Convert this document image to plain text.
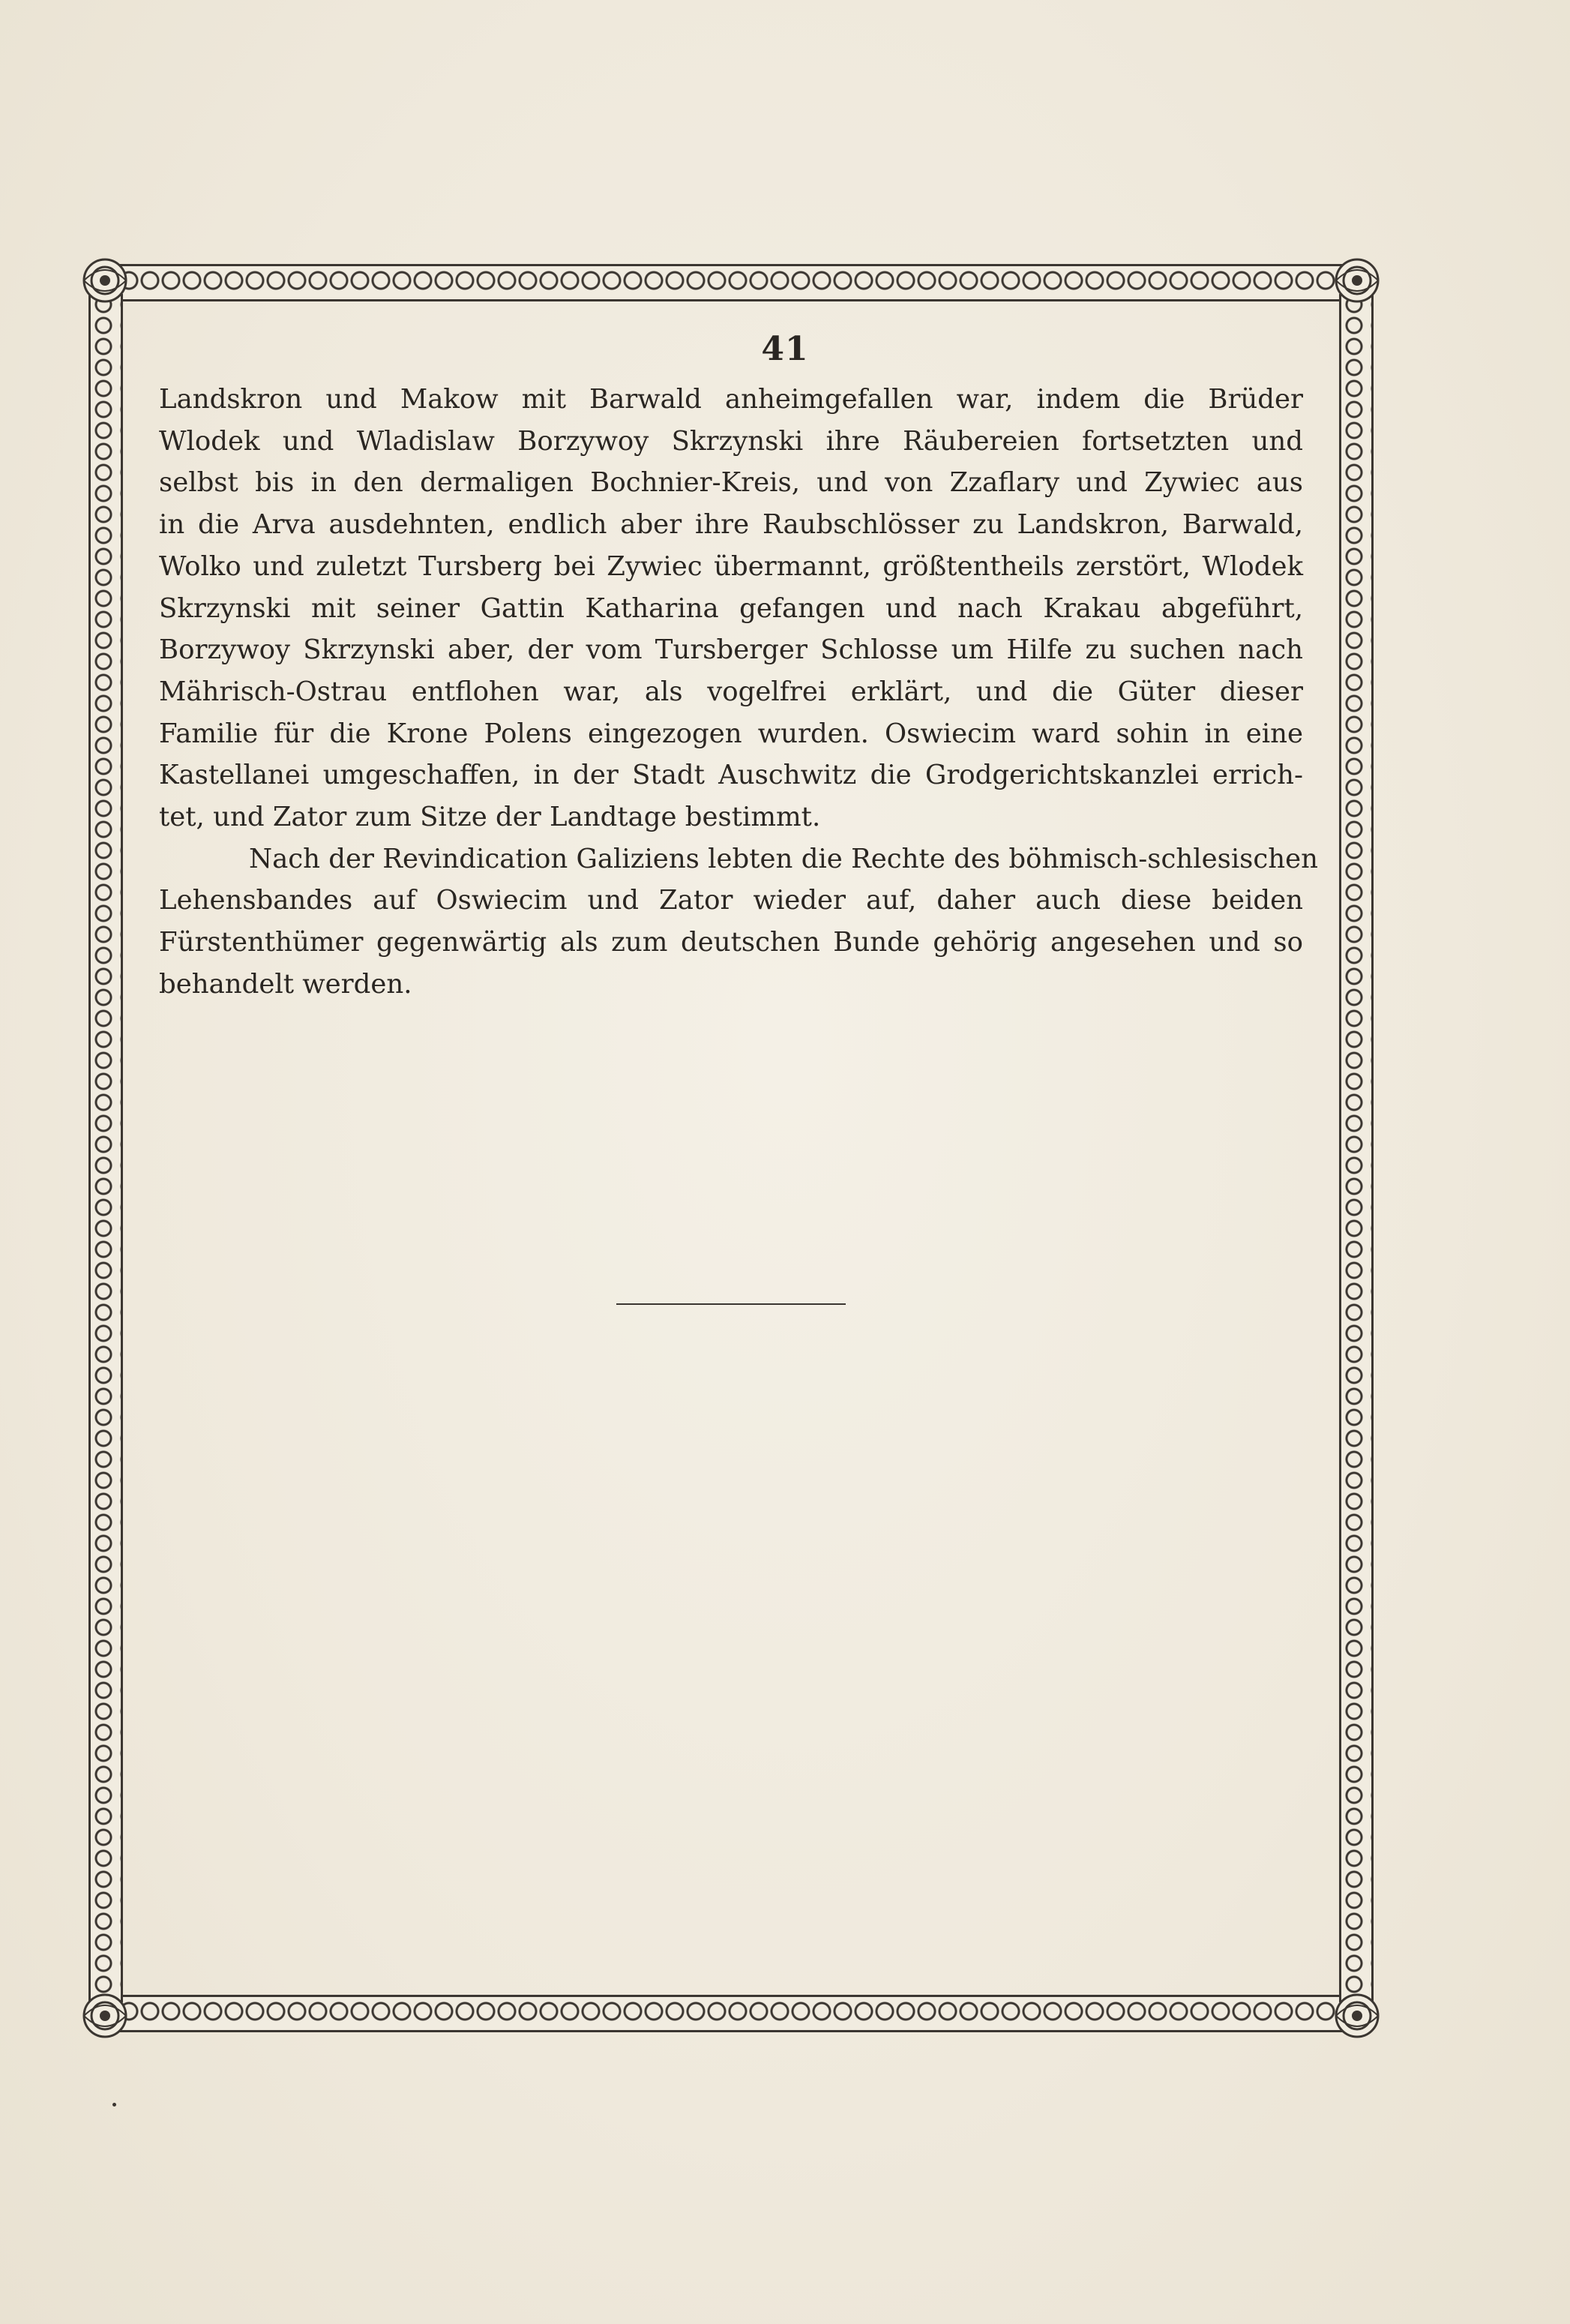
41
Landskron und Makow mit Barwald anheimgefallen war, indem die Brüder
Wlodek und Wladislaw Borzywoy Skrzynski ihre Räubereien fortsetzten und
selbst bis in den dermaligen Bochnier-Kreis, und von Zzaflary und Zywiec aus
in die Arva ausdehnten, endlich aber ihre Raubschlösser zu Landskron, Barwald,
Wolko und zuletzt Tursberg bei Zywiec übermannt, größtentheils zerstört, Wlodek
Skrzynski mit seiner Gattin Katharina gefangen und nach Krakau abgeführt,
Borzywoy Skrzynski aber, der vom Tursberger Schlosse um Hilfe zu suchen nach
Mährisch-Ostrau entflohen war, als vogelfrei erklärt, und die Güter dieser
Familie für die Krone Polens eingezogen wurden. Oswiecim ward sohin in eine
Kastellanei umgeschaffen, in der Stadt Auschwitz die Grodgerichtskanzlei errich-
tet, und Zator zum Sitze der Landtage bestimmt.
Nach der Revindication Galiziens lebten die Rechte des böhmisch-schlesischen
Lehensbandes auf Oswiecim und Zator wieder auf, daher auch diese beiden
Fürstenthümer gegenwärtig als zum deutschen Bunde gehörig angesehen und so
behandelt werden.
